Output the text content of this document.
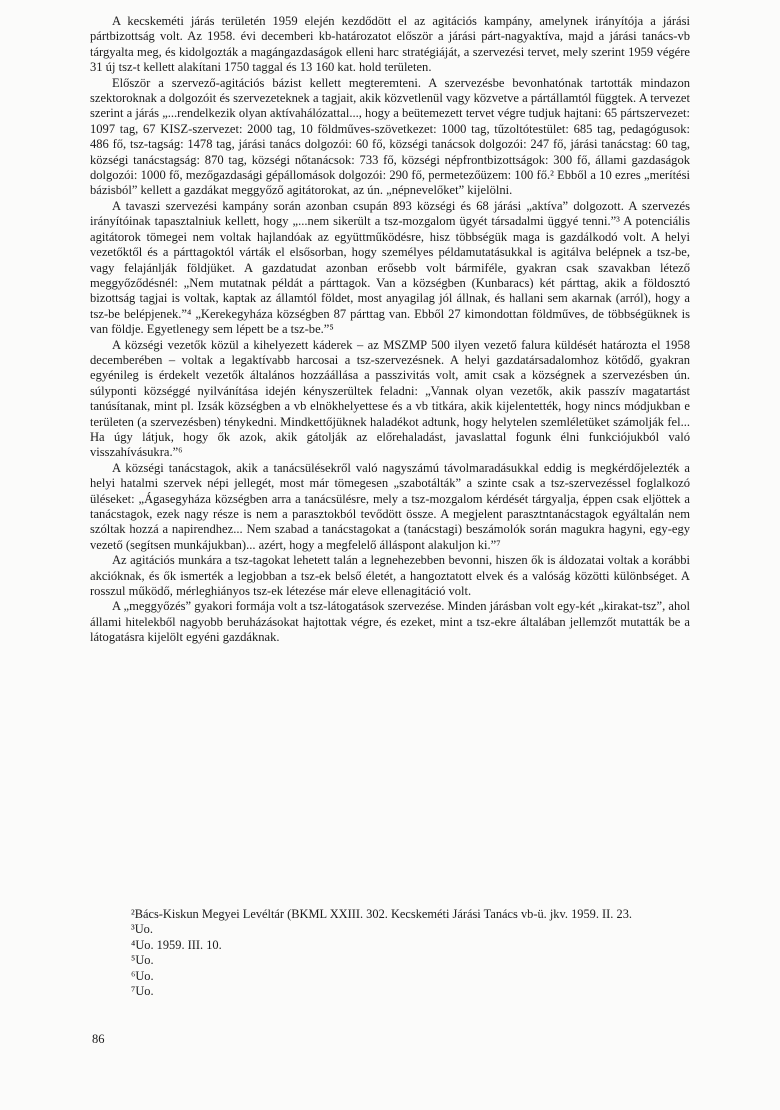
A kecskeméti járás területén 1959 elején kezdődött el az agitációs kampány, amelynek irányítója a járási pártbizottság volt. Az 1958. évi decemberi kb-határozatot először a járási párt-nagyaktíva, majd a járási tanács-vb tárgyalta meg, és kidolgozták a magángazdaságok elleni harc stratégiáját, a szervezési tervet, mely szerint 1959 végére 31 új tsz-t kellett alakítani 1750 taggal és 13 160 kat. hold területen.

Először a szervező-agitációs bázist kellett megteremteni. A szervezésbe bevonhatónak tartották mindazon szektoroknak a dolgozóit és szervezeteknek a tagjait, akik közvetlenül vagy közvetve a pártállamtól függtek. A tervezet szerint a járás „...rendelkezik olyan aktívahálózattal..., hogy a beütemezett tervet végre tudjuk hajtani: 65 pártszervezet: 1097 tag, 67 KISZ-szervezet: 2000 tag, 10 földműves-szövetkezet: 1000 tag, tűzoltótestület: 685 tag, pedagógusok: 486 fő, tsz-tagság: 1478 tag, járási tanács dolgozói: 60 fő, községi tanácsok dolgozói: 247 fő, járási tanácstag: 60 tag, községi tanácstagság: 870 tag, községi nőtanácsok: 733 fő, községi népfrontbizottságok: 300 fő, állami gazdaságok dolgozói: 1000 fő, mezőgazdasági gépállomások dolgozói: 290 fő, permetezőüzem: 100 fő.² Ebből a 10 ezres „merítési bázisból” kellett a gazdákat meggyőző agitátorokat, az ún. „népnevelőket” kijelölni.

A tavaszi szervezési kampány során azonban csupán 893 községi és 68 járási „aktíva” dolgozott. A szervezés irányítóinak tapasztalniuk kellett, hogy „...nem sikerült a tsz-mozgalom ügyét társadalmi üggyé tenni.”³ A potenciális agitátorok tömegei nem voltak hajlandóak az együttműködésre, hisz többségük maga is gazdálkodó volt. A helyi vezetőktől és a párttagoktól várták el elsősorban, hogy személyes példamutatásukkal is agitálva belépnek a tsz-be, vagy felajánlják földjüket. A gazdatudat azonban erősebb volt bármiféle, gyakran csak szavakban létező meggyőződésnél: „Nem mutatnak példát a párttagok. Van a községben (Kunbaracs) két párttag, akik a földosztó bizottság tagjai is voltak, kaptak az államtól földet, most anyagilag jól állnak, és hallani sem akarnak (arról), hogy a tsz-be belépjenek.”⁴ „Kerekegyháza községben 87 párttag van. Ebből 27 kimondottan földműves, de többségüknek is van földje. Egyetlenegy sem lépett be a tsz-be.”⁵

A községi vezetők közül a kihelyezett káderek – az MSZMP 500 ilyen vezető falura küldését határozta el 1958 decemberében – voltak a legaktívabb harcosai a tsz-szervezésnek. A helyi gazdatársadalomhoz kötődő, gyakran egyénileg is érdekelt vezetők általános hozzáállása a passzivitás volt, amit csak a községnek a szervezésben ún. súlyponti községgé nyilvánítása idején kényszerültek feladni: „Vannak olyan vezetők, akik passzív magatartást tanúsítanak, mint pl. Izsák községben a vb elnökhelyettese és a vb titkára, akik kijelentették, hogy nincs módjukban e területen (a szervezésben) ténykedni. Mindkettőjüknek haladékot adtunk, hogy helytelen szemléletüket számolják fel... Ha úgy látjuk, hogy ők azok, akik gátolják az előrehaladást, javaslattal fogunk élni funkciójukból való visszahívásukra.”⁶

A községi tanácstagok, akik a tanácsülésekről való nagyszámú távolmaradásukkal eddig is megkérdőjelezték a helyi hatalmi szervek népi jellegét, most már tömegesen „szabotálták” a szinte csak a tsz-szervezéssel foglalkozó üléseket: „Ágasegyháza községben arra a tanácsülésre, mely a tsz-mozgalom kérdését tárgyalja, éppen csak eljöttek a tanácstagok, ezek nagy része is nem a parasztokból tevődött össze. A megjelent parasztntanácstagok egyáltalán nem szóltak hozzá a napirendhez... Nem szabad a tanácstagokat a (tanácstagi) beszámolók során magukra hagyni, egy-egy vezető (segítsen munkájukban)... azért, hogy a megfelelő álláspont alakuljon ki.”⁷

Az agitációs munkára a tsz-tagokat lehetett talán a legnehezebben bevonni, hiszen ők is áldozatai voltak a korábbi akcióknak, és ők ismerték a legjobban a tsz-ek belső életét, a hangoztatott elvek és a valóság közötti különbséget. A rosszul működő, mérleghiányos tsz-ek létezése már eleve ellenagitáció volt.

A „meggyőzés” gyakori formája volt a tsz-látogatások szervezése. Minden járásban volt egy-két „kirakat-tsz”, ahol állami hitelekből nagyobb beruházásokat hajtottak végre, és ezeket, mint a tsz-ekre általában jellemzőt mutatták be a látogatásra kijelölt egyéni gazdáknak.

²Bács-Kiskun Megyei Levéltár (BKML XXIII. 302. Kecskeméti Járási Tanács vb-ü. jkv. 1959. II. 23.

³Uo.

⁴Uo. 1959. III. 10.

⁵Uo.

⁶Uo.

⁷Uo.

86
